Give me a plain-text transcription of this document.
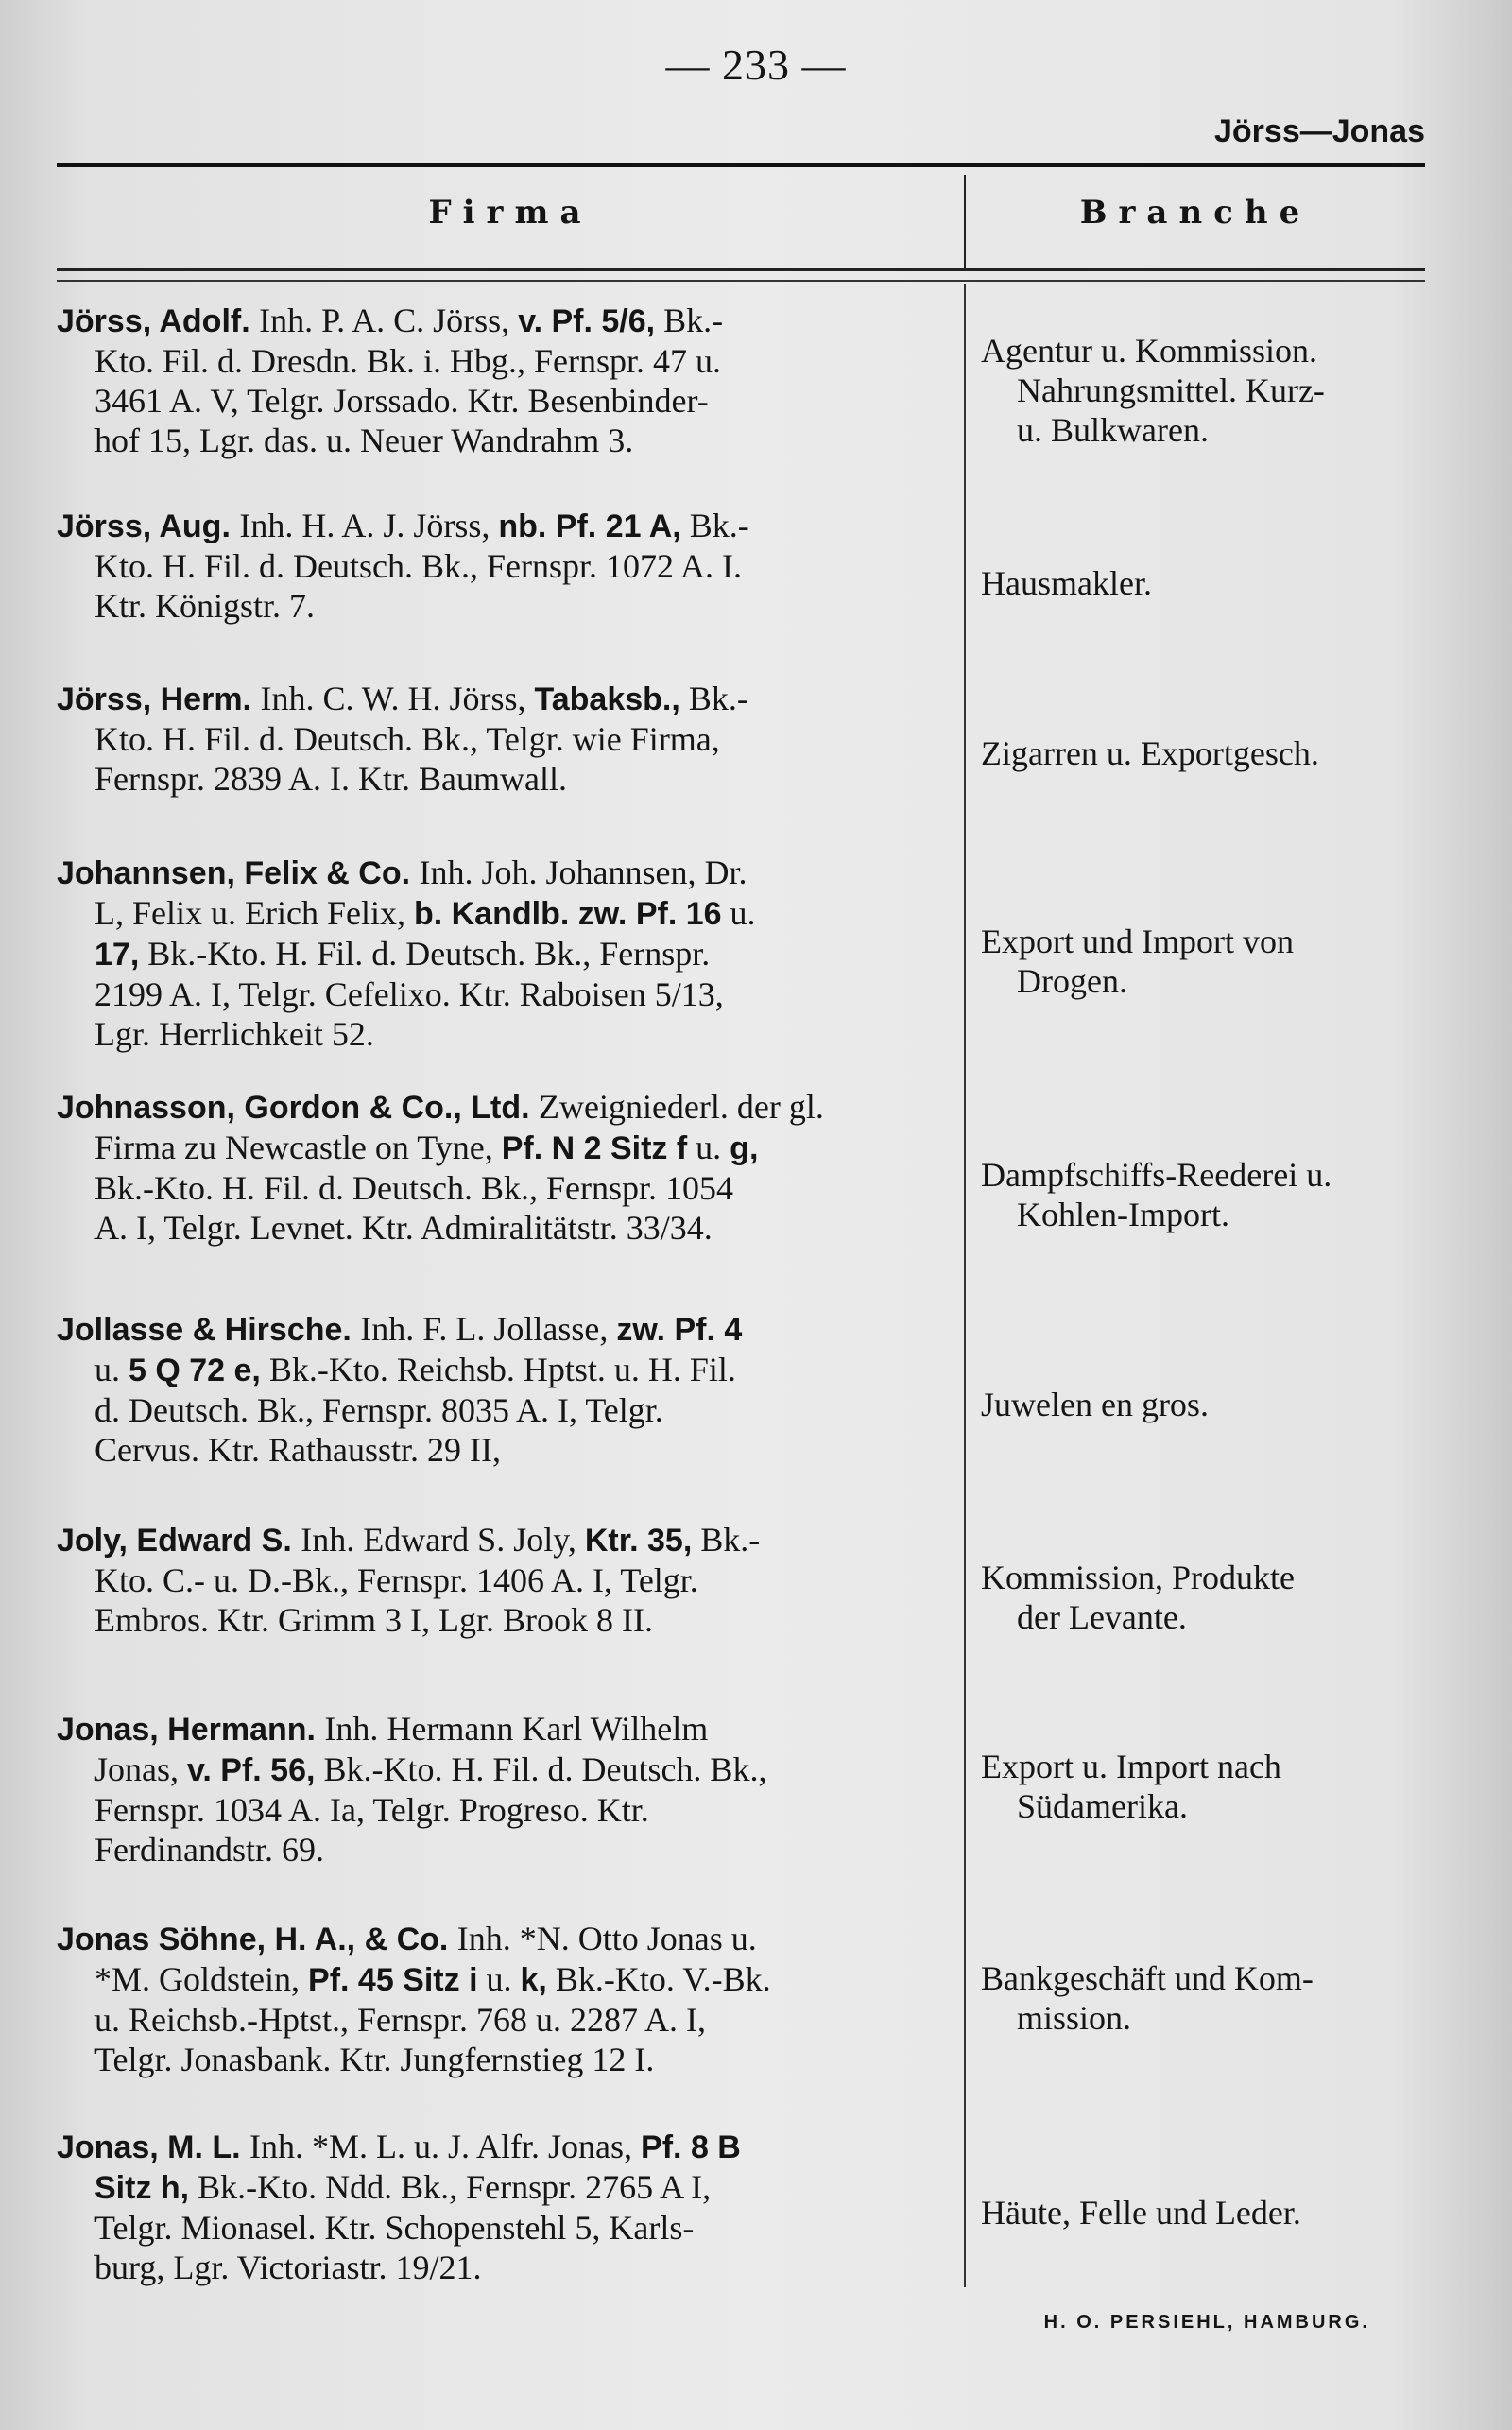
— 233 —
Jörss—Jonas
Firma	Branche
Jörss, Adolf. Inh. P. A. C. Jörss, v. Pf. 5/6, Bk.-
Kto. Fil. d. Dresdn. Bk. i. Hbg., Fernspr. 47 u.
3461 A. V, Telgr. Jorssado. Ktr. Besenbinder-
hof 15, Lgr. das. u. Neuer Wandrahm 3.
Agentur u. Kommission.
Nahrungsmittel. Kurz-
u. Bulkwaren.
Jörss, Aug. Inh. H. A. J. Jörss, nb. Pf. 21 A, Bk.-
Kto. H. Fil. d. Deutsch. Bk., Fernspr. 1072 A. I.
Ktr. Königstr. 7.
Hausmakler.
Jörss, Herm. Inh. C. W. H. Jörss, Tabaksb., Bk.-
Kto. H. Fil. d. Deutsch. Bk., Telgr. wie Firma,
Fernspr. 2839 A. I. Ktr. Baumwall.
Zigarren u. Exportgesch.
Johannsen, Felix & Co. Inh. Joh. Johannsen, Dr.
L, Felix u. Erich Felix, b. Kandlb. zw. Pf. 16 u.
17, Bk.-Kto. H. Fil. d. Deutsch. Bk., Fernspr.
2199 A. I, Telgr. Cefelixo. Ktr. Raboisen 5/13,
Lgr. Herrlichkeit 52.
Export und Import von
Drogen.
Johnasson, Gordon & Co., Ltd. Zweigniederl. der gl.
Firma zu Newcastle on Tyne, Pf. N 2 Sitz f u. g,
Bk.-Kto. H. Fil. d. Deutsch. Bk., Fernspr. 1054
A. I, Telgr. Levnet. Ktr. Admiralitätstr. 33/34.
Dampfschiffs-Reederei u.
Kohlen-Import.
Jollasse & Hirsche. Inh. F. L. Jollasse, zw. Pf. 4
u. 5 Q 72 e, Bk.-Kto. Reichsb. Hptst. u. H. Fil.
d. Deutsch. Bk., Fernspr. 8035 A. I, Telgr.
Cervus. Ktr. Rathausstr. 29 II,
Juwelen en gros.
Joly, Edward S. Inh. Edward S. Joly, Ktr. 35, Bk.-
Kto. C.- u. D.-Bk., Fernspr. 1406 A. I, Telgr.
Embros. Ktr. Grimm 3 I, Lgr. Brook 8 II.
Kommission, Produkte
der Levante.
Jonas, Hermann. Inh. Hermann Karl Wilhelm
Jonas, v. Pf. 56, Bk.-Kto. H. Fil. d. Deutsch. Bk.,
Fernspr. 1034 A. Ia, Telgr. Progreso. Ktr.
Ferdinandstr. 69.
Export u. Import nach
Südamerika.
Jonas Söhne, H. A., & Co. Inh. *N. Otto Jonas u.
*M. Goldstein, Pf. 45 Sitz i u. k, Bk.-Kto. V.-Bk.
u. Reichsb.-Hptst., Fernspr. 768 u. 2287 A. I,
Telgr. Jonasbank. Ktr. Jungfernstieg 12 I.
Bankgeschäft und Kom-
mission.
Jonas, M. L. Inh. *M. L. u. J. Alfr. Jonas, Pf. 8 B
Sitz h, Bk.-Kto. Ndd. Bk., Fernspr. 2765 A I,
Telgr. Mionasel. Ktr. Schopenstehl 5, Karls-
burg, Lgr. Victoriastr. 19/21.
Häute, Felle und Leder.
H. O. PERSIEHL, HAMBURG.
